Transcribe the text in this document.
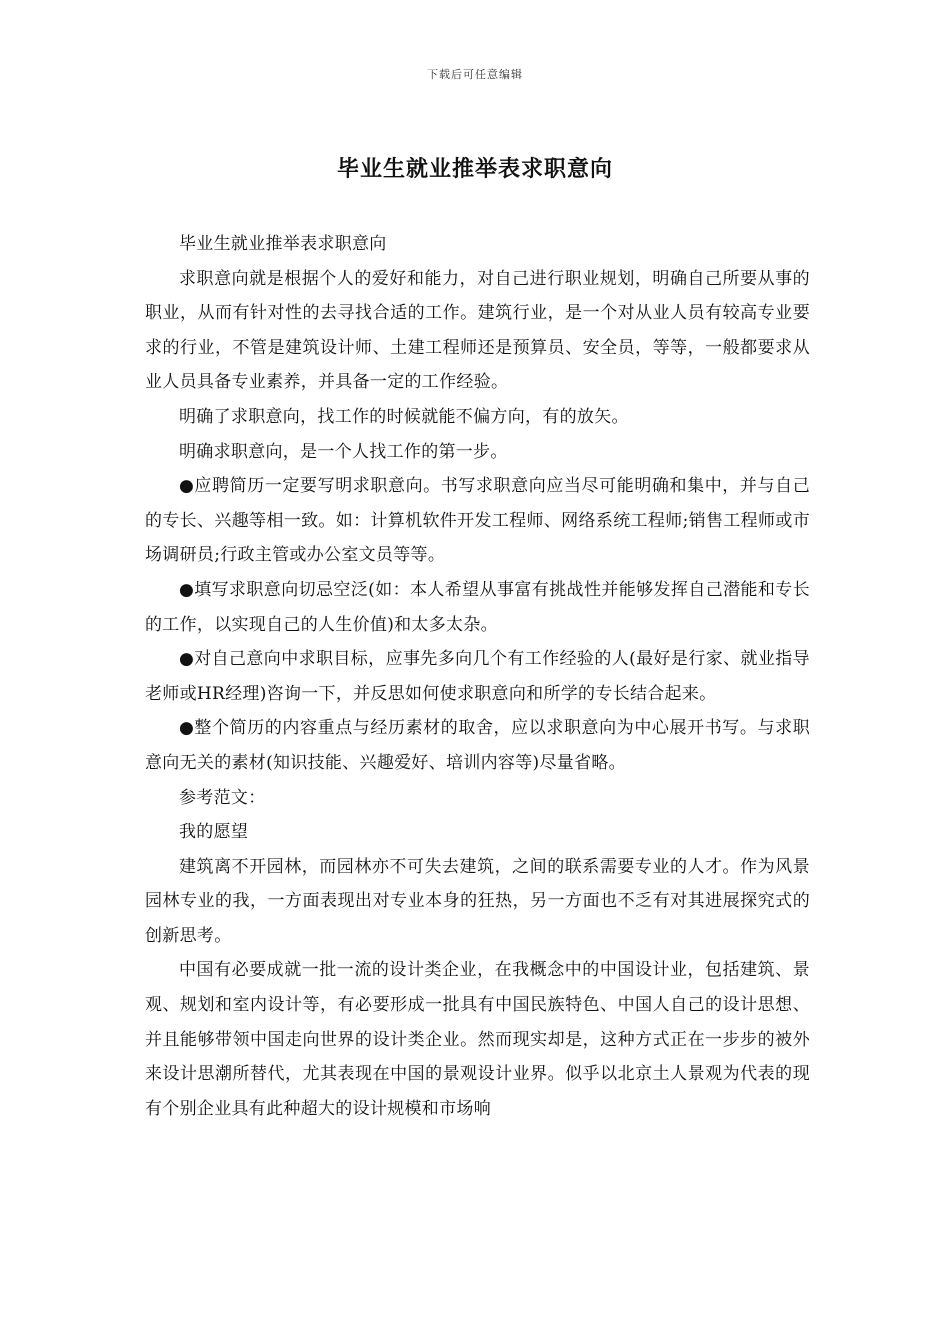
下载后可任意编辑
毕业生就业推举表求职意向

毕业生就业推举表求职意向

求职意向就是根据个人的爱好和能力，对自己进行职业规划，明确自己所要从事的职业，从而有针对性的去寻找合适的工作。建筑行业，是一个对从业人员有较高专业要求的行业，不管是建筑设计师、土建工程师还是预算员、安全员，等等，一般都要求从业人员具备专业素养，并具备一定的工作经验。

明确了求职意向，找工作的时候就能不偏方向，有的放矢。

明确求职意向，是一个人找工作的第一步。

●应聘简历一定要写明求职意向。书写求职意向应当尽可能明确和集中，并与自己的专长、兴趣等相一致。如：计算机软件开发工程师、网络系统工程师;销售工程师或市场调研员;行政主管或办公室文员等等。

●填写求职意向切忌空泛(如：本人希望从事富有挑战性并能够发挥自己潜能和专长的工作，以实现自己的人生价值)和太多太杂。

●对自己意向中求职目标，应事先多向几个有工作经验的人(最好是行家、就业指导老师或HR经理)咨询一下，并反思如何使求职意向和所学的专长结合起来。

●整个简历的内容重点与经历素材的取舍，应以求职意向为中心展开书写。与求职意向无关的素材(知识技能、兴趣爱好、培训内容等)尽量省略。

参考范文：

我的愿望

建筑离不开园林，而园林亦不可失去建筑，之间的联系需要专业的人才。作为风景园林专业的我，一方面表现出对专业本身的狂热，另一方面也不乏有对其进展探究式的创新思考。

中国有必要成就一批一流的设计类企业，在我概念中的中国设计业，包括建筑、景观、规划和室内设计等，有必要形成一批具有中国民族特色、中国人自己的设计思想、并且能够带领中国走向世界的设计类企业。然而现实却是，这种方式正在一步步的被外来设计思潮所替代，尤其表现在中国的景观设计业界。似乎以北京土人景观为代表的现有个别企业具有此种超大的设计规模和市场响
